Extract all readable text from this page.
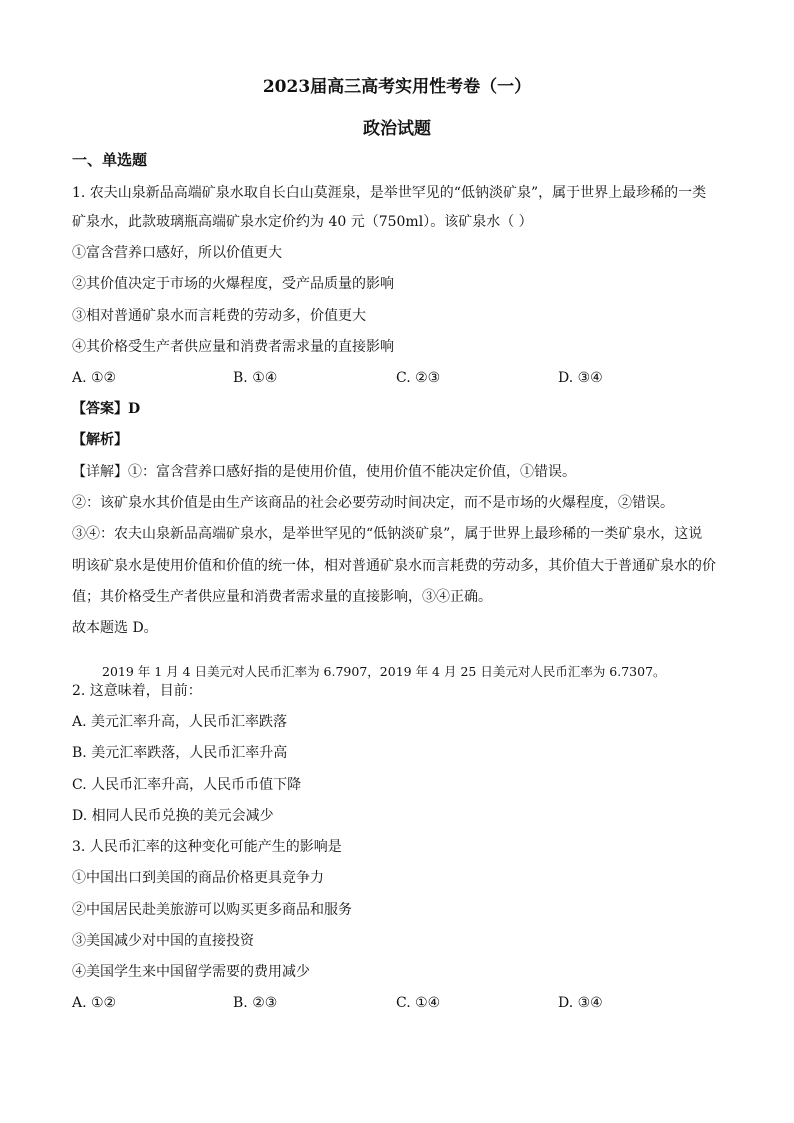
2023届高三高考实用性考卷（一）
政治试题

一、单选题

1. 农夫山泉新品高端矿泉水取自长白山莫涯泉，是举世罕见的“低钠淡矿泉”，属于世界上最珍稀的一类

矿泉水，此款玻璃瓶高端矿泉水定价约为 40 元（750ml）。该矿泉水（ ）

①富含营养口感好，所以价值更大

②其价值决定于市场的火爆程度，受产品质量的影响

③相对普通矿泉水而言耗费的劳动多，价值更大

④其价格受生产者供应量和消费者需求量的直接影响

A. ①②	B. ①④	C. ②③	D. ③④

【答案】D

【解析】

【详解】①：富含营养口感好指的是使用价值，使用价值不能决定价值，①错误。

②：该矿泉水其价值是由生产该商品的社会必要劳动时间决定，而不是市场的火爆程度，②错误。

③④：农夫山泉新品高端矿泉水，是举世罕见的“低钠淡矿泉”，属于世界上最珍稀的一类矿泉水，这说

明该矿泉水是使用价值和价值的统一体，相对普通矿泉水而言耗费的劳动多，其价值大于普通矿泉水的价

值；其价格受生产者供应量和消费者需求量的直接影响，③④正确。

故本题选 D。

2019 年 1 月 4 日美元对人民币汇率为 6.7907，2019 年 4 月 25 日美元对人民币汇率为 6.7307。

2. 这意味着，目前：

A. 美元汇率升高，人民币汇率跌落

B. 美元汇率跌落，人民币汇率升高

C. 人民币汇率升高，人民币币值下降

D. 相同人民币兑换的美元会减少

3. 人民币汇率的这种变化可能产生的影响是

①中国出口到美国的商品价格更具竞争力

②中国居民赴美旅游可以购买更多商品和服务

③美国减少对中国的直接投资

④美国学生来中国留学需要的费用减少

A. ①②	B. ②③	C. ①④	D. ③④
